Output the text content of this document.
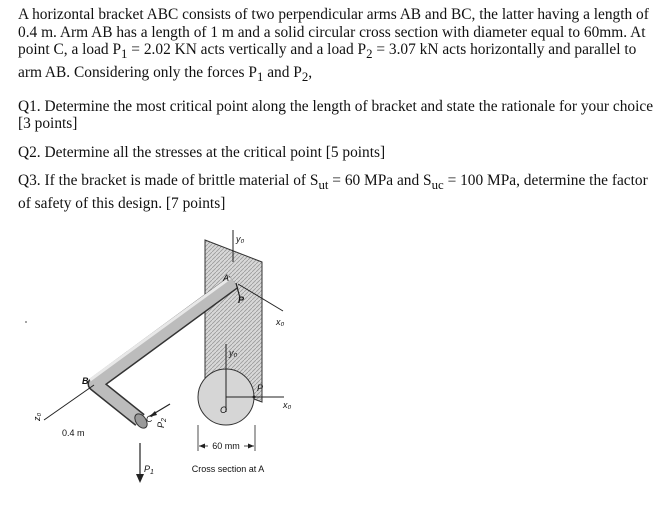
A horizontal bracket ABC consists of two perpendicular arms AB and BC, the latter having a length of 0.4 m. Arm AB has a length of 1 m and a solid circular cross section with diameter equal to 60mm. At point C, a load $P_1 = 2.02$ KN acts vertically and a load $P_2 = 3.07$ kN acts horizontally and parallel to arm AB. Considering only the forces $P_1$ and $P_2$,

Q1. Determine the most critical point along the length of bracket and state the rationale for your choice [3 points]

Q2. Determine all the stresses at the critical point [5 points]

Q3. If the bracket is made of brittle material of $S_{ut} = 60$ MPa and $S_{uc} = 100$ MPa, determine the factor of safety of this design. [7 points]

y₀
A
P
x₀
B
C
z₀
0.4 m
$P_2$
$P_1$
y₀
O
P
x₀
60 mm
Cross section at A
